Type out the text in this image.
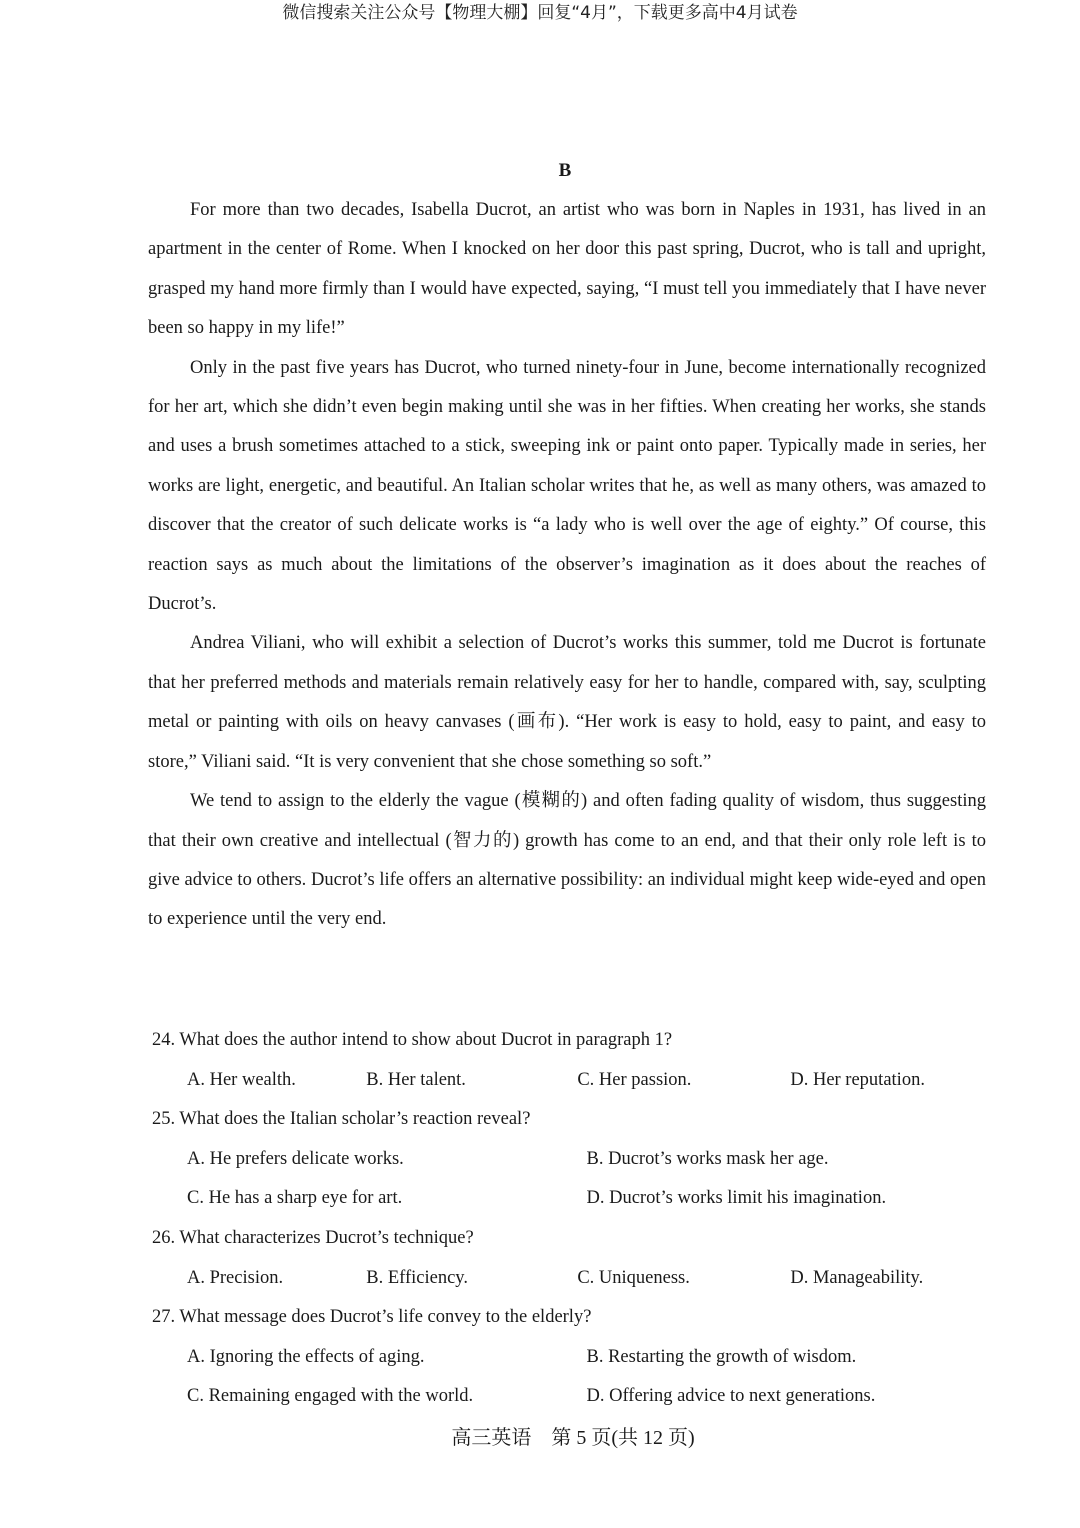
微信搜索关注公众号【物理大棚】回复“4月”，下载更多高中4月试卷
B

For more than two decades, Isabella Ducrot, an artist who was born in Naples in 1931, has lived in an apartment in the center of Rome. When I knocked on her door this past spring, Ducrot, who is tall and upright, grasped my hand more firmly than I would have expected, saying, “I must tell you immediately that I have never been so happy in my life!”

Only in the past five years has Ducrot, who turned ninety-four in June, become internationally recognized for her art, which she didn’t even begin making until she was in her fifties. When creating her works, she stands and uses a brush sometimes attached to a stick, sweeping ink or paint onto paper. Typically made in series, her works are light, energetic, and beautiful. An Italian scholar writes that he, as well as many others, was amazed to discover that the creator of such delicate works is “a lady who is well over the age of eighty.” Of course, this reaction says as much about the limitations of the observer’s imagination as it does about the reaches of Ducrot’s.

Andrea Viliani, who will exhibit a selection of Ducrot’s works this summer, told me Ducrot is fortunate that her preferred methods and materials remain relatively easy for her to handle, compared with, say, sculpting metal or painting with oils on heavy canvases (画布). “Her work is easy to hold, easy to paint, and easy to store,” Viliani said. “It is very convenient that she chose something so soft.”

We tend to assign to the elderly the vague (模糊的) and often fading quality of wisdom, thus suggesting that their own creative and intellectual (智力的) growth has come to an end, and that their only role left is to give advice to others. Ducrot’s life offers an alternative possibility: an individual might keep wide-eyed and open to experience until the very end.

24. What does the author intend to show about Ducrot in paragraph 1?
A. Her wealth.	B. Her talent.	C. Her passion.	D. Her reputation.
25. What does the Italian scholar’s reaction reveal?
A. He prefers delicate works.	B. Ducrot’s works mask her age.
C. He has a sharp eye for art.	D. Ducrot’s works limit his imagination.
26. What characterizes Ducrot’s technique?
A. Precision.	B. Efficiency.	C. Uniqueness.	D. Manageability.
27. What message does Ducrot’s life convey to the elderly?
A. Ignoring the effects of aging.	B. Restarting the growth of wisdom.
C. Remaining engaged with the world.	D. Offering advice to next generations.
高三英语　第 5 页(共 12 页)
